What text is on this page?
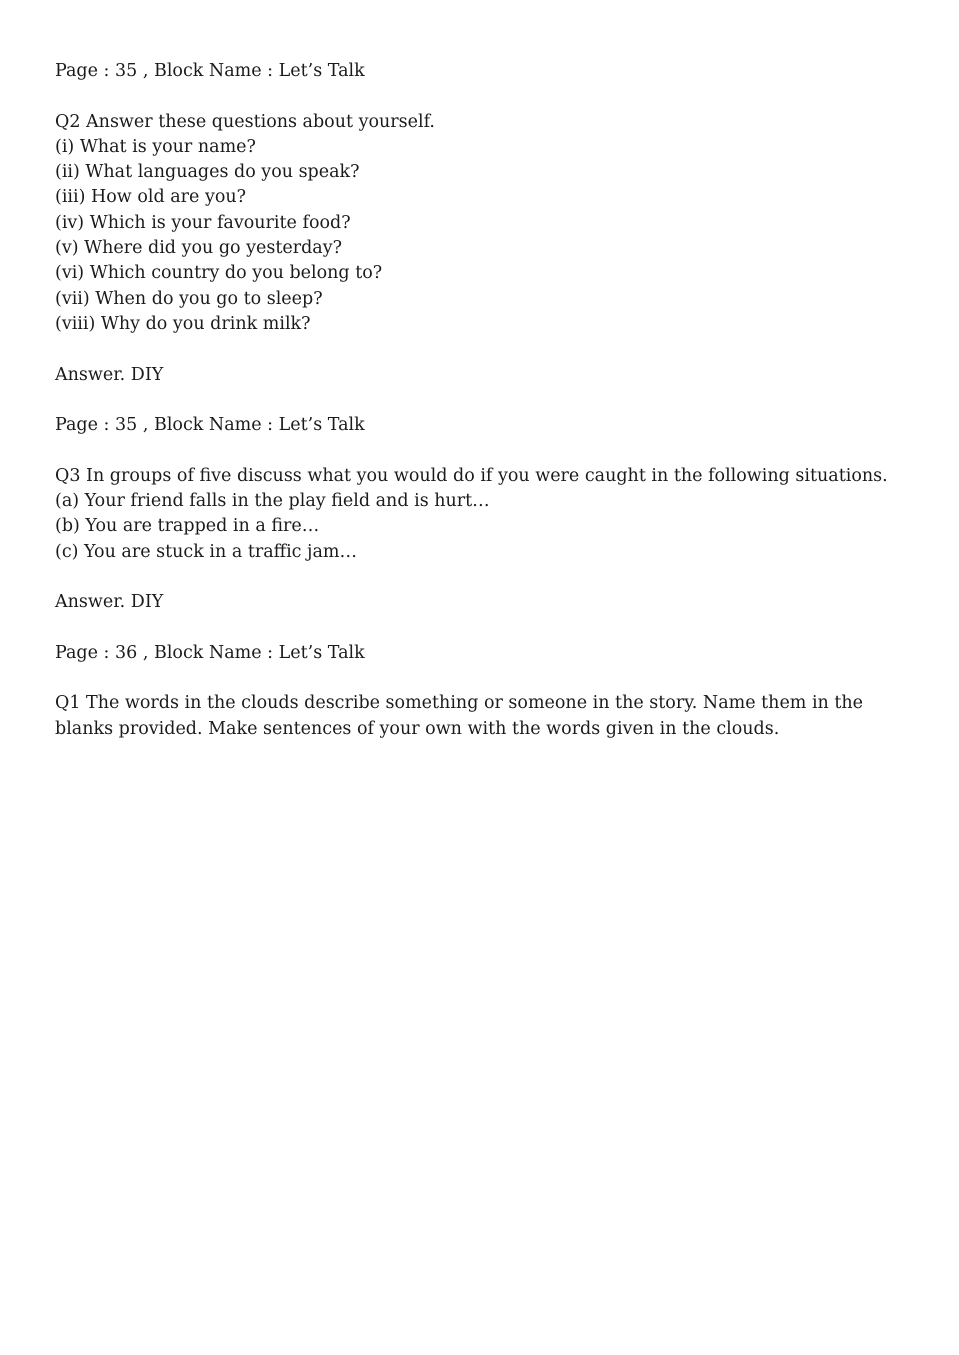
Page : 35 , Block Name : Let’s Talk
Q2 Answer these questions about yourself.
(i) What is your name?
(ii) What languages do you speak?
(iii) How old are you?
(iv) Which is your favourite food?
(v) Where did you go yesterday?
(vi) Which country do you belong to?
(vii) When do you go to sleep?
(viii) Why do you drink milk?
Answer. DIY
Page : 35 , Block Name : Let’s Talk
Q3 In groups of five discuss what you would do if you were caught in the following situations.
(a) Your friend falls in the play field and is hurt…
(b) You are trapped in a fire…
(c) You are stuck in a traffic jam…
Answer. DIY
Page : 36 , Block Name : Let’s Talk
Q1 The words in the clouds describe something or someone in the story. Name them in the blanks provided. Make sentences of your own with the words given in the clouds.
